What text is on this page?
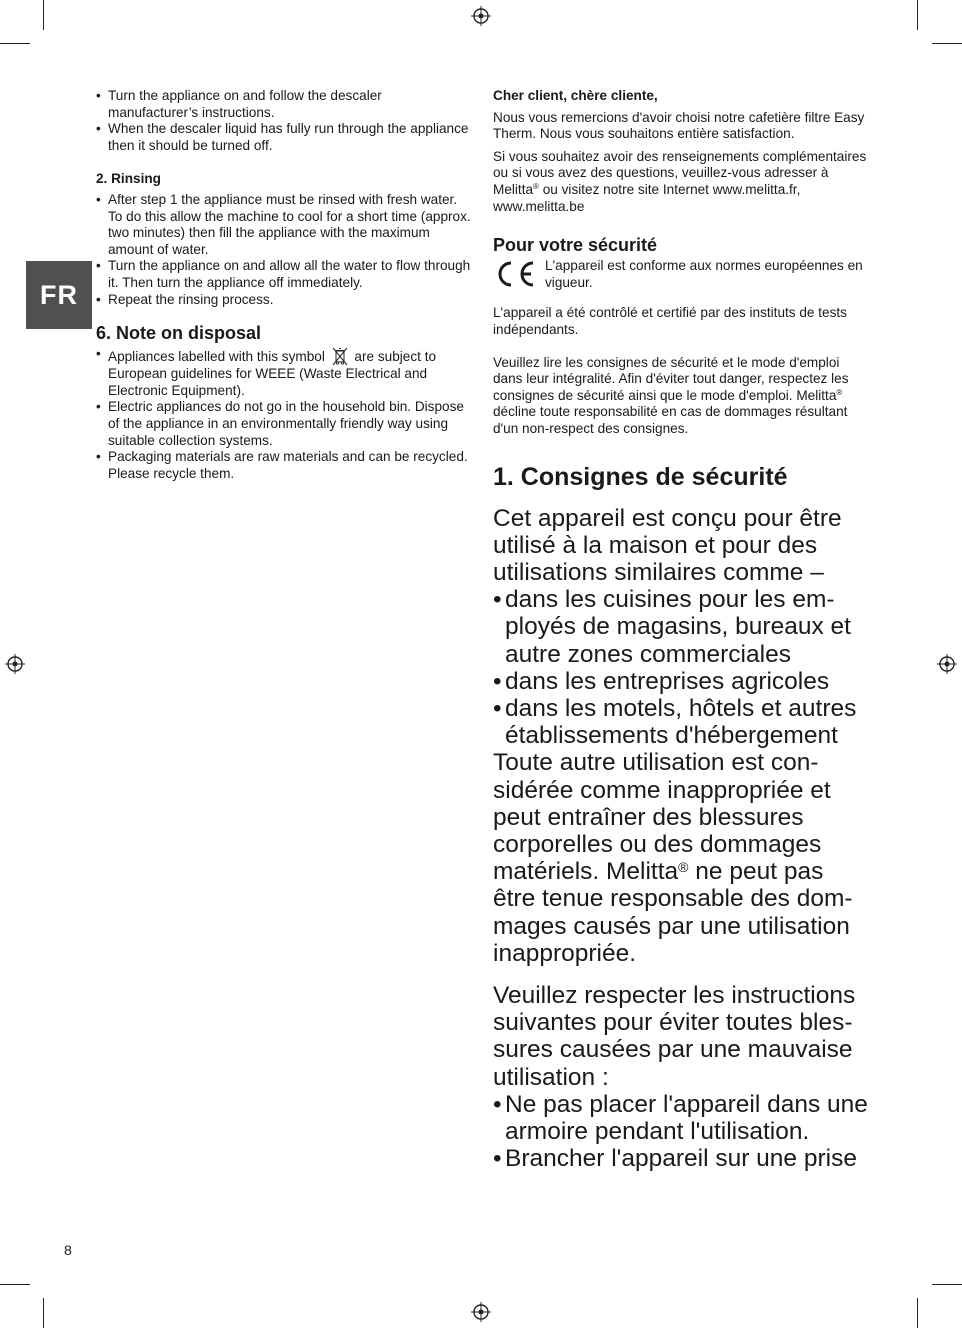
FR
• Turn the appliance on and follow the descaler manufacturer’s instructions.
• When the descaler liquid has fully run through the appliance then it should be turned off.

2. Rinsing

• After step 1 the appliance must be rinsed with fresh water. To do this allow the machine to cool for a short time (approx. two minutes) then fill the appliance with the maximum amount of water.
• Turn the appliance on and allow all the water to flow through it. Then turn the appliance off immediately.
• Repeat the rinsing process.

6. Note on disposal

• Appliances labelled with this symbol are subject to European guidelines for WEEE (Waste Electrical and Electronic Equipment).
• Electric appliances do not go in the household bin. Dispose of the appliance in an environmentally friendly way using suitable collection systems.
• Packaging materials are raw materials and can be recycled. Please recycle them.

Cher client, chère cliente,

Nous vous remercions d'avoir choisi notre cafetière filtre Easy Therm. Nous vous souhaitons entière satisfaction.

Si vous souhaitez avoir des renseignements complémentaires ou si vous avez des questions, veuillez-vous adresser à Melitta® ou visitez notre site Internet www.melitta.fr, www.melitta.be

Pour votre sécurité

L'appareil est conforme aux normes européennes en vigueur.

L'appareil a été contrôlé et certifié par des instituts de tests indépendants.

Veuillez lire les consignes de sécurité et le mode d'emploi dans leur intégralité. Afin d'éviter tout danger, respectez les consignes de sécurité ainsi que le mode d'emploi. Melitta® décline toute responsabilité en cas de dommages résultant d'un non-respect des consignes.

1. Consignes de sécurité

Cet appareil est conçu pour être utilisé à la maison et pour des utilisations similaires comme –

• dans les cuisines pour les em- ployés de magasins, bureaux et autre zones commerciales
• dans les entreprises agricoles
• dans les motels, hôtels et autres établissements d'hébergement

Toute autre utilisation est con- sidérée comme inappropriée et peut entraîner des blessures corporelles ou des dommages matériels. Melitta® ne peut pas être tenue responsable des dom- mages causés par une utilisation inappropriée.

Veuillez respecter les instructions suivantes pour éviter toutes bles- sures causées par une mauvaise utilisation :

• Ne pas placer l'appareil dans une armoire pendant l'utilisation.
• Brancher l'appareil sur une prise
8
